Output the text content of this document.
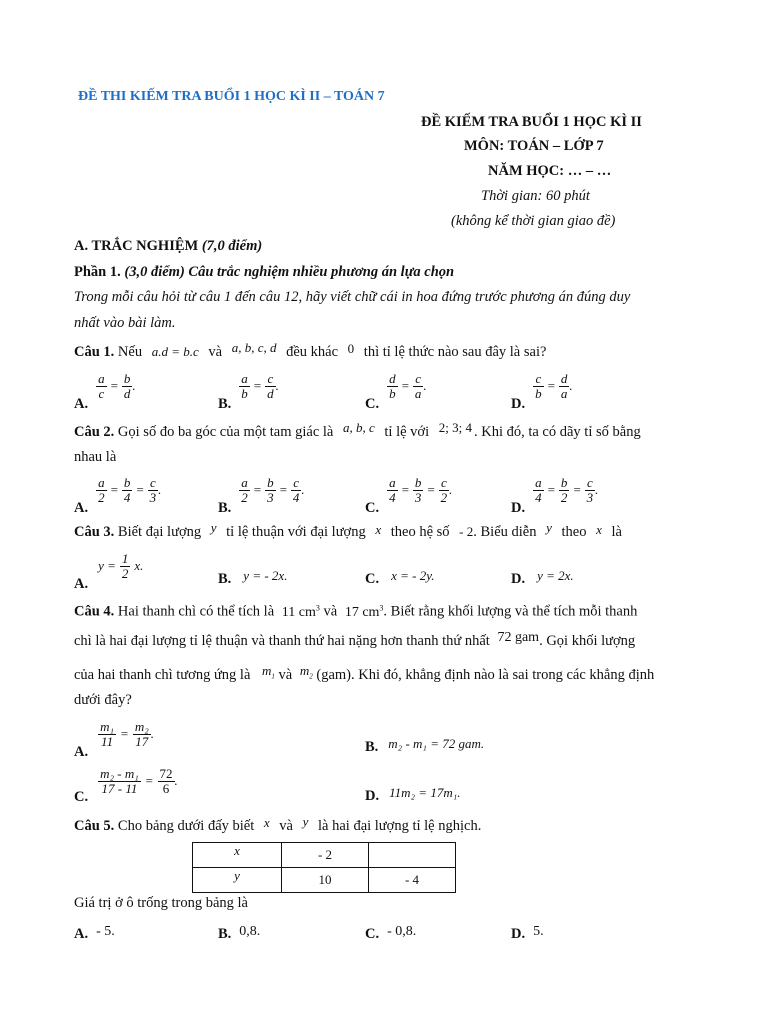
ĐỀ THI KIẾM TRA BUỔI 1 HỌC KÌ II – TOÁN 7
ĐỀ KIẾM TRA BUỔI 1 HỌC KÌ II
MÔN: TOÁN – LỚP 7
NĂM HỌC: … – …
Thời gian: 60 phút
(không kể thời gian giao đề)
A. TRẮC NGHIỆM (7,0 điểm)
Phần 1. (3,0 điểm) Câu trắc nghiệm nhiều phương án lựa chọn
Trong mỗi câu hỏi từ câu 1 đến câu 12, hãy viết chữ cái in hoa đứng trước phương án đúng duy
nhất vào bài làm.
Câu 1. Nếu a.d = b.c và a, b, c, d đều khác 0 thì tỉ lệ thức nào sau đây là sai?
A.
$\frac{a}{c} = \frac{b}{d}$ .
B.
$\frac{a}{b} = \frac{c}{d}$ .
C.
$\frac{d}{b} = \frac{c}{a}$ .
D.
$\frac{c}{b} = \frac{d}{a}$ .
Câu 2. Gọi số đo ba góc của một tam giác là a, b, c tỉ lệ với 2; 3; 4 . Khi đó, ta có dãy tỉ số bằng
nhau là
A.
$\frac{a}{2} = \frac{b}{4} = \frac{c}{3}$ .
B.
$\frac{a}{2} = \frac{b}{3} = \frac{c}{4}$ .
C.
$\frac{a}{4} = \frac{b}{3} = \frac{c}{2}$ .
D.
$\frac{a}{4} = \frac{b}{2} = \frac{c}{3}$ .
Câu 3. Biết đại lượng y tỉ lệ thuận với đại lượng x theo hệ số - 2. Biểu diễn y theo x là
A. $y = \frac{1}{2} x$.
B. y = - 2x.	C. x = - 2y.	D. y = 2x.
Câu 4. Hai thanh chì có thể tích là 11 $cm^3$ và 17 $cm^3$. Biết rằng khối lượng và thể tích mỗi thanh
chì là hai đại lượng tỉ lệ thuận và thanh thứ hai nặng hơn thanh thứ nhất 72 gam. Gọi khối lượng
của hai thanh chì tương ứng là $m_1$ và $m_2$ (gam). Khi đó, khẳng định nào là sai trong các khẳng định
dưới đây?
A.
$\frac{\text{m₁}}{11} = \frac{\text{m₂}}{17}$ .
B. m₂ - m₁ = 72 gam.
C.
$\frac{\text{m₂ - m₁}}{17 - 11} = \frac{72}{6}$ .
D. 11m₂ = 17m₁.
Câu 5. Cho bảng dưới đấy biết x và y là hai đại lượng tỉ lệ nghịch.
x	- 2	
y	10	- 4
Giá trị ở ô trống trong bảng là
A. - 5.	B. 0,8.	C. - 0,8.	D. 5.
